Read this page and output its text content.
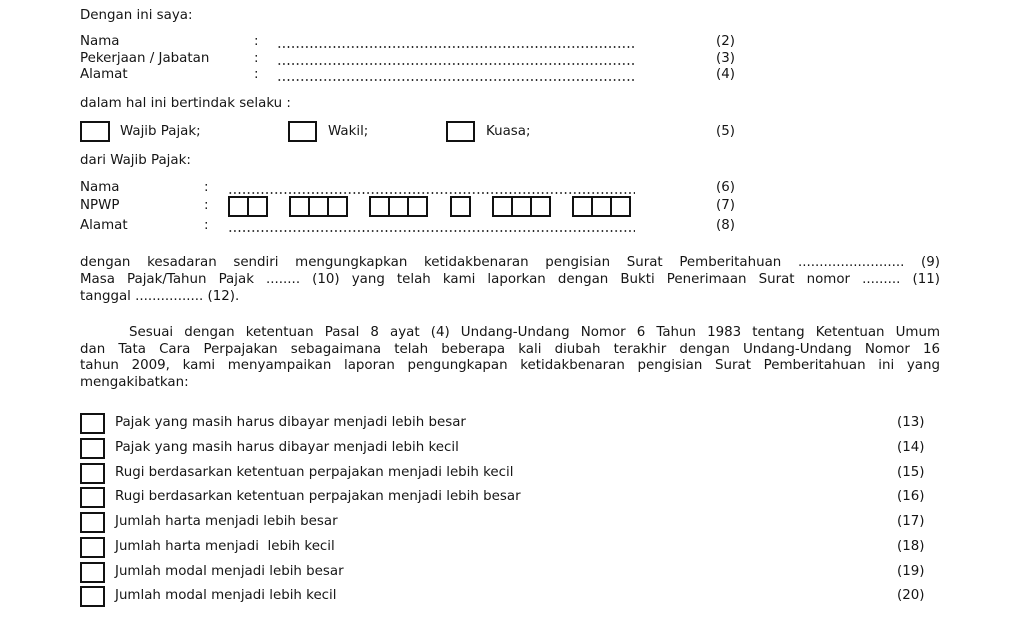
Dengan ini saya:
Nama	:	(2)
Pekerjaan / Jabatan	:	(3)
Alamat	:	(4)
dalam hal ini bertindak selaku :
Wajib Pajak;	Wakil;	Kuasa;	(5)
dari Wajib Pajak:
Nama	:	(6)
NPWP	:	(7)
Alamat	:	(8)
dengan kesadaran sendiri mengungkapkan ketidakbenaran pengisian Surat Pemberitahuan ......................... (9)
Masa Pajak/Tahun Pajak ........ (10) yang telah kami laporkan dengan Bukti Penerimaan Surat nomor ......... (11)
tanggal ................ (12).
Sesuai dengan ketentuan Pasal 8 ayat (4) Undang-Undang Nomor 6 Tahun 1983 tentang Ketentuan Umum
dan Tata Cara Perpajakan sebagaimana telah beberapa kali diubah terakhir dengan Undang-Undang Nomor 16
tahun 2009, kami menyampaikan laporan pengungkapan ketidakbenaran pengisian Surat Pemberitahuan ini yang
mengakibatkan:
Pajak yang masih harus dibayar menjadi lebih besar	(13)
Pajak yang masih harus dibayar menjadi lebih kecil	(14)
Rugi berdasarkan ketentuan perpajakan menjadi lebih kecil	(15)
Rugi berdasarkan ketentuan perpajakan menjadi lebih besar	(16)
Jumlah harta menjadi lebih besar	(17)
Jumlah harta menjadi  lebih kecil	(18)
Jumlah modal menjadi lebih besar	(19)
Jumlah modal menjadi lebih kecil	(20)
